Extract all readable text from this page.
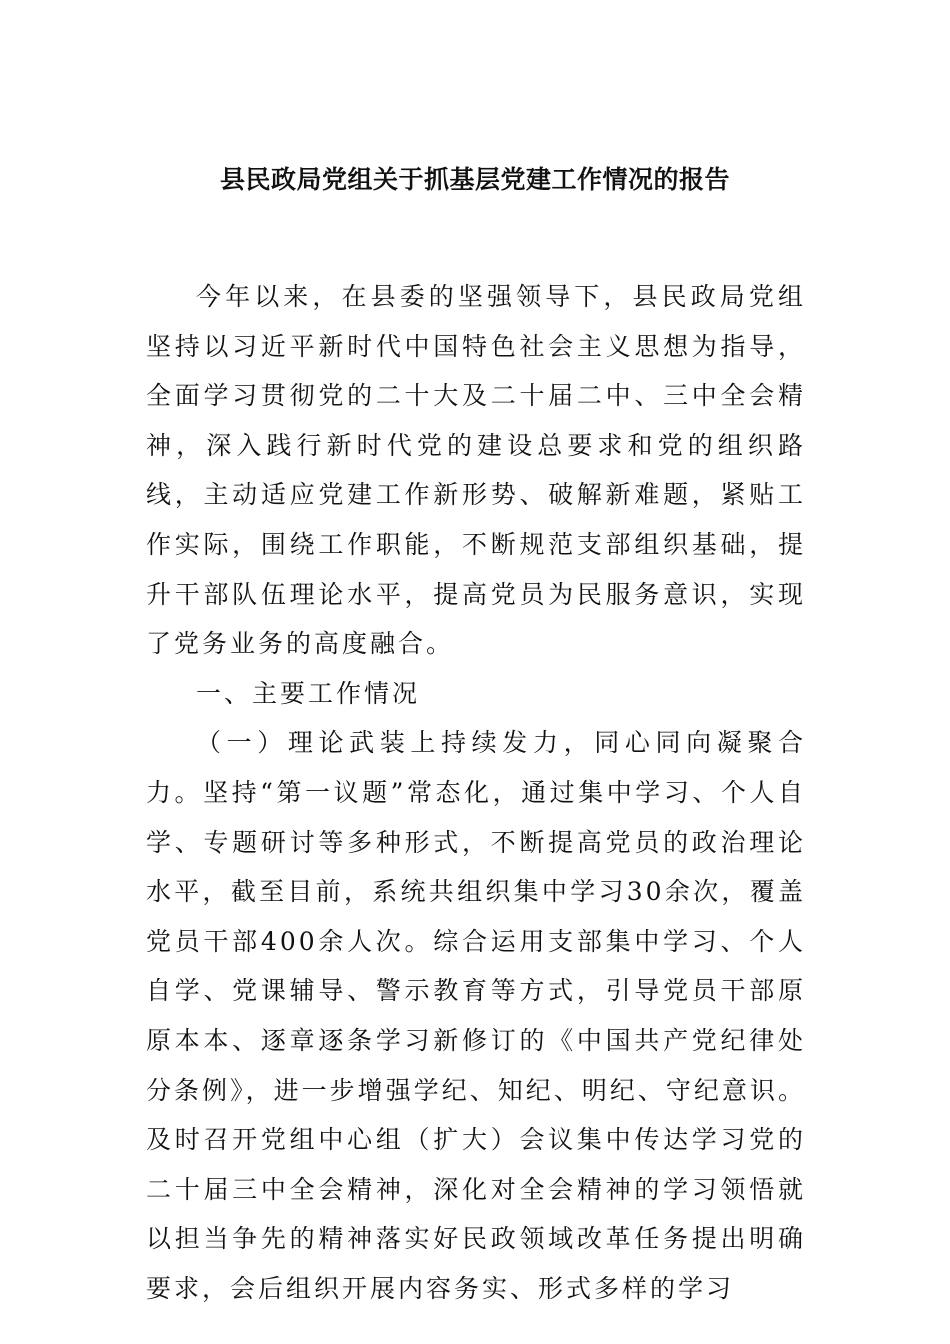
县民政局党组关于抓基层党建工作情况的报告

今年以来，在县委的坚强领导下，县民政局党组坚持以习近平新时代中国特色社会主义思想为指导，全面学习贯彻党的二十大及二十届二中、三中全会精神，深入践行新时代党的建设总要求和党的组织路线，主动适应党建工作新形势、破解新难题，紧贴工作实际，围绕工作职能，不断规范支部组织基础，提升干部队伍理论水平，提高党员为民服务意识，实现了党务业务的高度融合。

一、主要工作情况

（一）理论武装上持续发力，同心同向凝聚合力。坚持“第一议题”常态化，通过集中学习、个人自学、专题研讨等多种形式，不断提高党员的政治理论水平，截至目前，系统共组织集中学习30余次，覆盖党员干部400余人次。综合运用支部集中学习、个人自学、党课辅导、警示教育等方式，引导党员干部原原本本、逐章逐条学习新修订的《中国共产党纪律处分条例》，进一步增强学纪、知纪、明纪、守纪意识。及时召开党组中心组（扩大）会议集中传达学习党的二十届三中全会精神，深化对全会精神的学习领悟就以担当争先的精神落实好民政领域改革任务提出明确要求，会后组织开展内容务实、形式多样的学习
